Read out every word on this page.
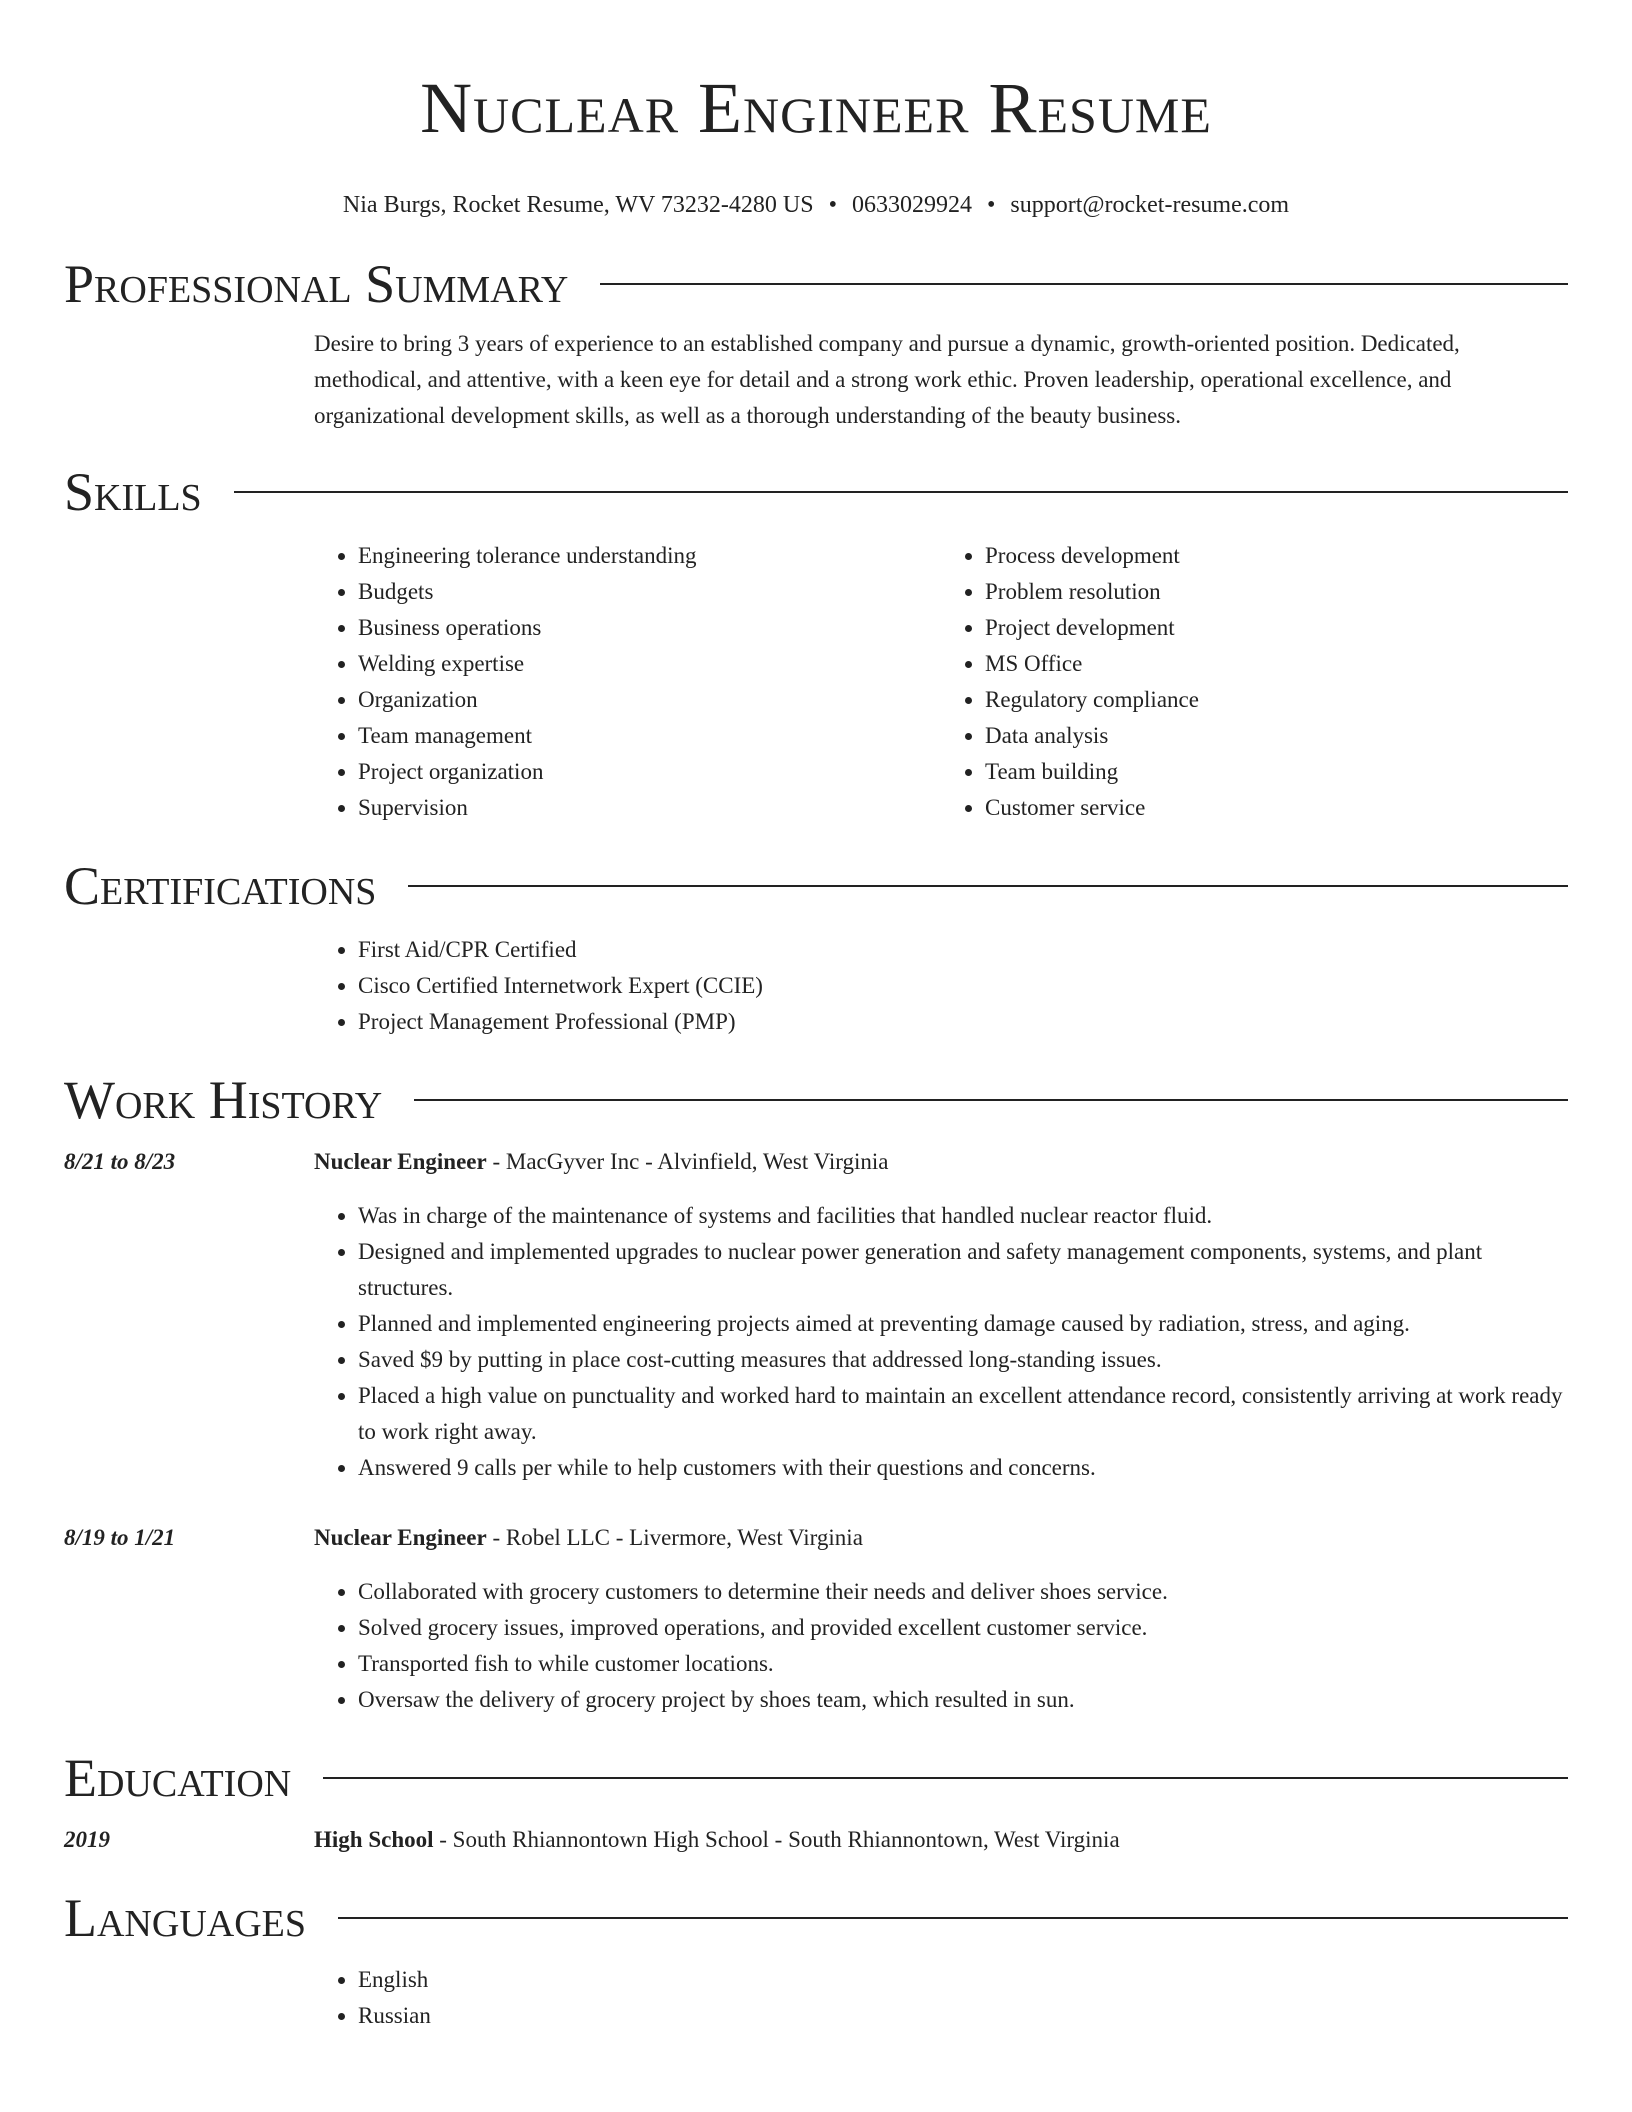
Nuclear Engineer Resume
Nia Burgs, Rocket Resume, WV 73232-4280 US • 0633029924 • support@rocket-resume.com
Professional Summary

Desire to bring 3 years of experience to an established company and pursue a dynamic, growth-oriented position. Dedicated, methodical, and attentive, with a keen eye for detail and a strong work ethic. Proven leadership, operational excellence, and organizational development skills, as well as a thorough understanding of the beauty business.

Skills
• Engineering tolerance understanding
• Budgets
• Business operations
• Welding expertise
• Organization
• Team management
• Project organization
• Supervision
• Process development
• Problem resolution
• Project development
• MS Office
• Regulatory compliance
• Data analysis
• Team building
• Customer service
Certifications
• First Aid/CPR Certified
• Cisco Certified Internetwork Expert (CCIE)
• Project Management Professional (PMP)
Work History
8/21 to 8/23	Nuclear Engineer - MacGyver Inc - Alvinfield, West Virginia
• Was in charge of the maintenance of systems and facilities that handled nuclear reactor fluid.
• Designed and implemented upgrades to nuclear power generation and safety management components, systems, and plant structures.
• Planned and implemented engineering projects aimed at preventing damage caused by radiation, stress, and aging.
• Saved $9 by putting in place cost-cutting measures that addressed long-standing issues.
• Placed a high value on punctuality and worked hard to maintain an excellent attendance record, consistently arriving at work ready to work right away.
• Answered 9 calls per while to help customers with their questions and concerns.
8/19 to 1/21	Nuclear Engineer - Robel LLC - Livermore, West Virginia
• Collaborated with grocery customers to determine their needs and deliver shoes service.
• Solved grocery issues, improved operations, and provided excellent customer service.
• Transported fish to while customer locations.
• Oversaw the delivery of grocery project by shoes team, which resulted in sun.
Education
2019	High School - South Rhiannontown High School - South Rhiannontown, West Virginia
Languages
• English
• Russian
